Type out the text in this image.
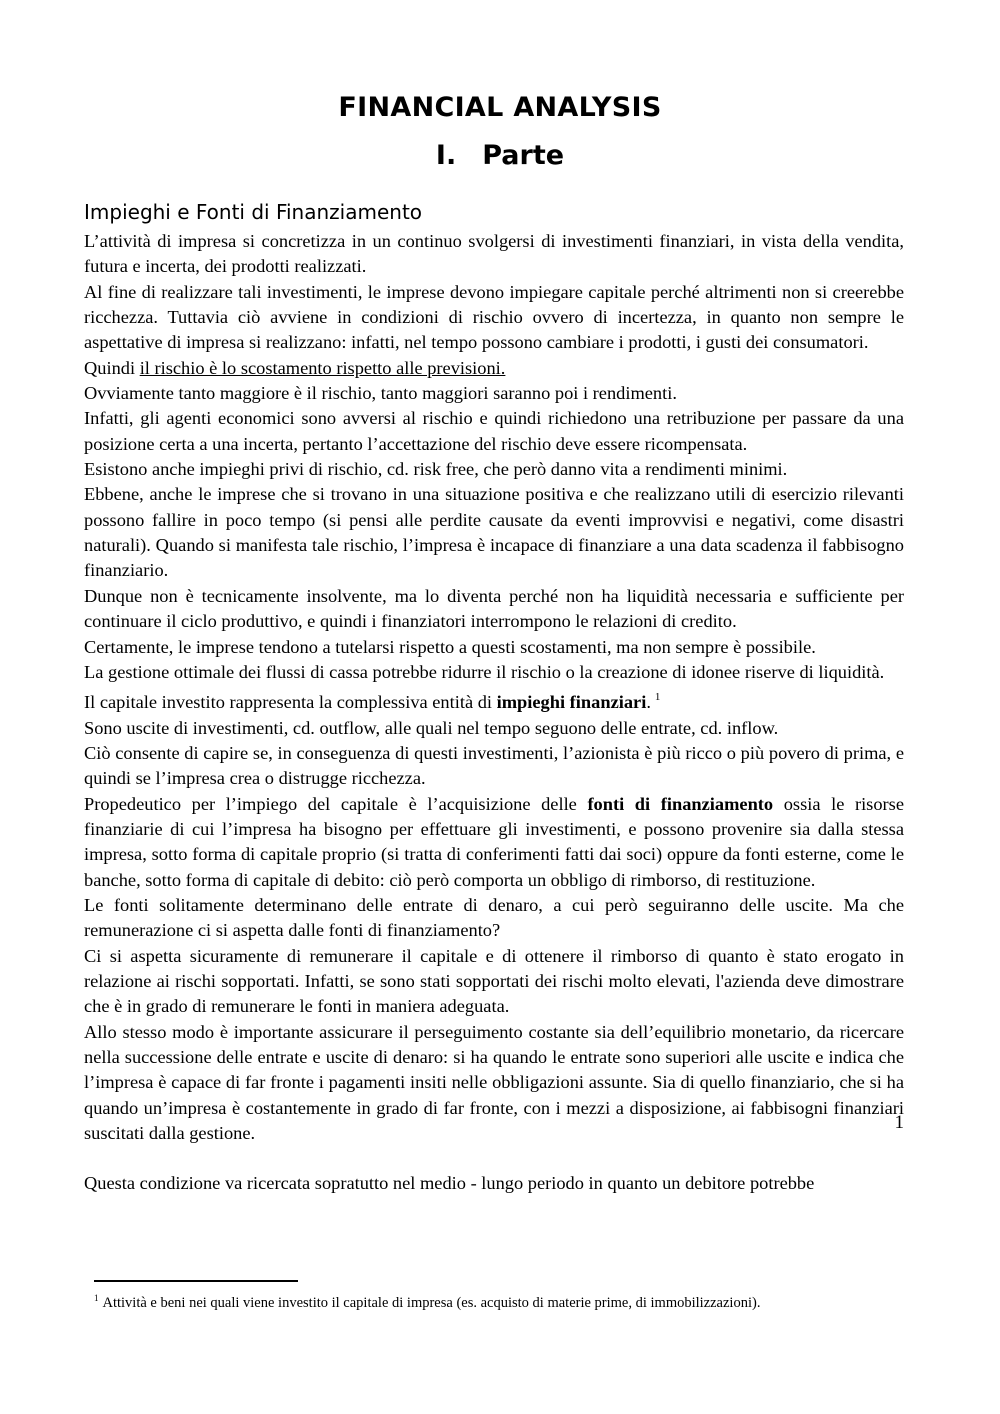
FINANCIAL ANALYSIS
I. Parte
Impieghi e Fonti di Finanziamento

L’attività di impresa si concretizza in un continuo svolgersi di investimenti finanziari, in vista della vendita, futura e incerta, dei prodotti realizzati.

Al fine di realizzare tali investimenti, le imprese devono impiegare capitale perché altrimenti non si creerebbe ricchezza. Tuttavia ciò avviene in condizioni di rischio ovvero di incertezza, in quanto non sempre le aspettative di impresa si realizzano: infatti, nel tempo possono cambiare i prodotti, i gusti dei consumatori.

Quindi il rischio è lo scostamento rispetto alle previsioni.

Ovviamente tanto maggiore è il rischio, tanto maggiori saranno poi i rendimenti.

Infatti, gli agenti economici sono avversi al rischio e quindi richiedono una retribuzione per passare da una posizione certa a una incerta, pertanto l’accettazione del rischio deve essere ricompensata.

Esistono anche impieghi privi di rischio, cd. risk free, che però danno vita a rendimenti minimi.

Ebbene, anche le imprese che si trovano in una situazione positiva e che realizzano utili di esercizio rilevanti possono fallire in poco tempo (si pensi alle perdite causate da eventi improvvisi e negativi, come disastri naturali). Quando si manifesta tale rischio, l’impresa è incapace di finanziare a una data scadenza il fabbisogno finanziario.

Dunque non è tecnicamente insolvente, ma lo diventa perché non ha liquidità necessaria e sufficiente per continuare il ciclo produttivo, e quindi i finanziatori interrompono le relazioni di credito.

Certamente, le imprese tendono a tutelarsi rispetto a questi scostamenti, ma non sempre è possibile.

La gestione ottimale dei flussi di cassa potrebbe ridurre il rischio o la creazione di idonee riserve di liquidità.

Il capitale investito rappresenta la complessiva entità di impieghi finanziari. $^1$

Sono uscite di investimenti, cd. outflow, alle quali nel tempo seguono delle entrate, cd. inflow.

Ciò consente di capire se, in conseguenza di questi investimenti, l’azionista è più ricco o più povero di prima, e quindi se l’impresa crea o distrugge ricchezza.

Propedeutico per l’impiego del capitale è l’acquisizione delle fonti di finanziamento ossia le risorse finanziarie di cui l’impresa ha bisogno per effettuare gli investimenti, e possono provenire sia dalla stessa impresa, sotto forma di capitale proprio (si tratta di conferimenti fatti dai soci) oppure da fonti esterne, come le banche, sotto forma di capitale di debito: ciò però comporta un obbligo di rimborso, di restituzione.

Le fonti solitamente determinano delle entrate di denaro, a cui però seguiranno delle uscite. Ma che remunerazione ci si aspetta dalle fonti di finanziamento?

Ci si aspetta sicuramente di remunerare il capitale e di ottenere il rimborso di quanto è stato erogato in relazione ai rischi sopportati. Infatti, se sono stati sopportati dei rischi molto elevati, l'azienda deve dimostrare che è in grado di remunerare le fonti in maniera adeguata.

Allo stesso modo è importante assicurare il perseguimento costante sia dell’equilibrio monetario, da ricercare nella successione delle entrate e uscite di denaro: si ha quando le entrate sono superiori alle uscite e indica che l’impresa è capace di far fronte i pagamenti insiti nelle obbligazioni assunte. Sia di quello finanziario, che si ha quando un’impresa è costantemente in grado di far fronte, con i mezzi a disposizione, ai fabbisogni finanziari suscitati dalla gestione.

Questa condizione va ricercata sopratutto nel medio - lungo periodo in quanto un debitore potrebbe

$^1$ Attività e beni nei quali viene investito il capitale di impresa (es. acquisto di materie prime, di immobilizzazioni).
1
